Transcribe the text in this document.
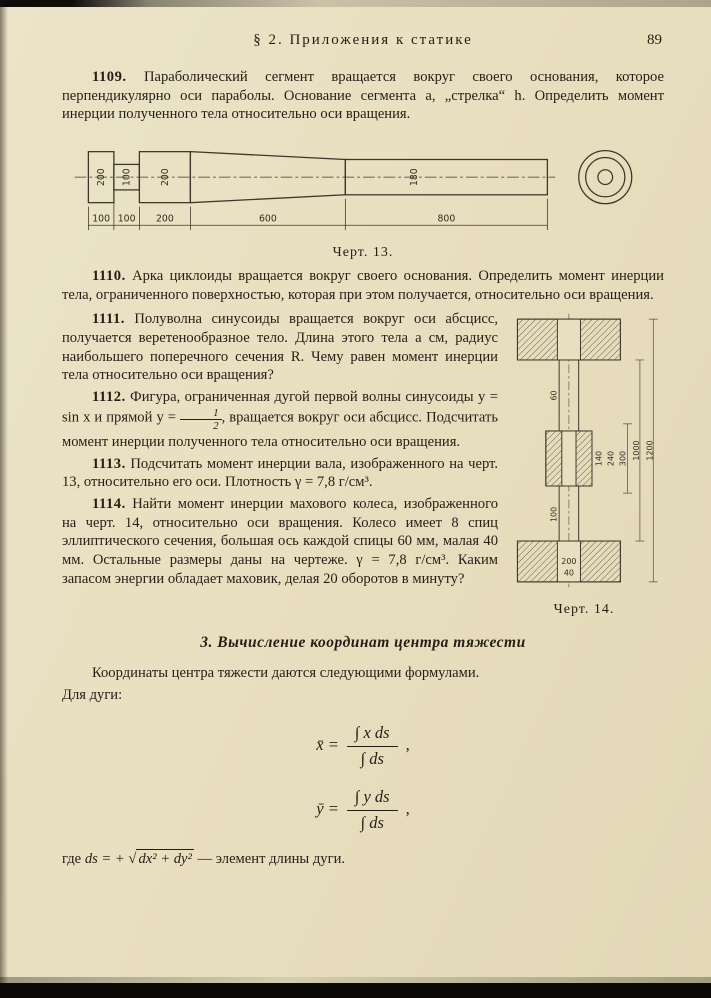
§ 2. Приложения к статике	89

1109. Параболический сегмент вращается вокруг своего основания, которое перпендикулярно оси параболы. Основание сегмента a, „стрелка“ h. Определить момент инерции полученного тела относительно оси вращения.

200 100	200	180
100 100 200	600	800
Черт. 13.

1110. Арка циклоиды вращается вокруг своего основания. Определить момент инерции тела, ограниченного поверхностью, которая при этом получается, относительно оси вращения.

1111. Полуволна синусоиды вращается вокруг оси абсцисс, получается веретенообразное тело. Длина этого тела a см, радиус наибольшего поперечного сечения R. Чему равен момент инерции тела относительно оси вращения?

1112. Фигура, ограниченная дугой первой волны синусоиды y = sin x и прямой $y = \frac{1}{2}$ , вращается вокруг оси абсцисс. Подсчитать момент инерции полученного тела относительно оси вращения.

1113. Подсчитать момент инерции вала, изображенного на черт. 13, относительно его оси. Плотность γ = 7,8 г/см³.

1114. Найти момент инерции махового колеса, изображенного на черт. 14, относительно оси вращения. Колесо имеет 8 спиц эллиптического сечения, большая ось каждой спицы 60 мм, малая 40 мм. Остальные размеры даны на чертеже. γ = 7,8 г/см³. Каким запасом энергии обладает маховик, делая 20 оборотов в минуту?

60
140 240 300 1000 1200
100
200
40
Черт. 14.
3. Вычисление координат центра тяжести

Координаты центра тяжести даются следующими формулами.

Для дуги:

x̄ = $\frac{\text{∫ x ds}}{\int ds}$ ,
ȳ = $\frac{\text{∫ y ds}}{\int ds}$ ,

где ds = + √ dx² + dy² — элемент длины дуги.
